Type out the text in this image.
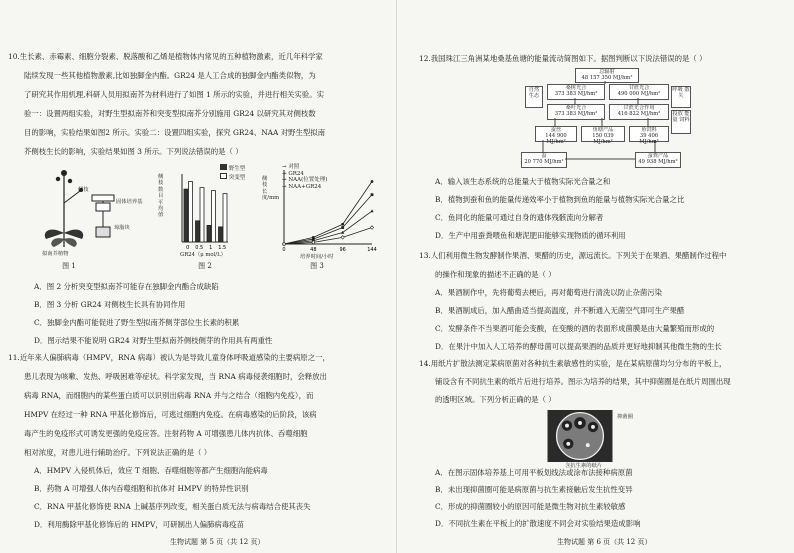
10.生长素、赤霉素、细胞分裂素、脱落酸和乙烯是植物体内常见的五种植物激素，近几年科学家
陆续发现一些其他植物激素,比如独脚金内酯。GR24 是人工合成的独脚金内酯类似物，为
了研究其作用机理,科研人员用拟南芥为材料进行了如图 1 所示的实验，并进行相关实验。实
验一：设置两组实验，对野生型拟南芥和突变型拟南芥分别施用 GR24 以研究其对侧枝数
目的影响，实验结果如图2 所示。实验二：设置四组实验，探究 GR24、NAA 对野生型拟南
芥侧枝生长的影响，实验结果如图 3 所示。下列说法错误的是（ ）
侧枝
固体培养基
琼脂块
拟南芥植物
图 1
侧枝数目平均值
0 0.5 1 1.5
野生型
突变型
GR24（μ mol/L）
图 2
侧枝长度/mm
0	48	96	144
→ 对照
→ GR24
→ NAA(位置处理)
→ NAA+GR24
培养时间/小时
图 3
A．图 2 分析突变型拟南芥可能存在独脚金内酯合成缺陷
B．图 3 分析 GR24 对侧枝生长具有协同作用
C．独脚金内酯可能促进了野生型拟南芥侧芽部位生长素的积累
D．图示结果不能说明 GR24 对野生型拟南芥侧枝侧芽的作用具有两重性
11.近年来人偏肺病毒（HMPV，RNA 病毒）被认为是导致儿童身体呼吸道感染的主要病原之一，
患儿表现为咳嗽、发热、呼吸困难等症状。科学家发现，当 RNA 病毒侵袭细胞时，会释放出
病毒 RNA，而细胞内的某些蛋白质可以识别出病毒 RNA 并与之结合（细胞内免疫），而
HMPV 在经过一种 RNA 甲基化修饰后，可逃过细胞内免疫。在病毒感染的后阶段，该病
毒产生的免疫形式可诱发更强的免疫应答。注射药物 A 可增强患儿体内抗体、吞噬细胞
相对浓度，对患儿进行辅助治疗。下列说法正确的是（ ）
A．HMPV 入侵机体后，效应 T 细胞、吞噬细胞等都产生细胞沟能病毒
B．药物 A 可增强人体内吞噬细胞和抗体对 HMPV 的特异性识别
C．RNA 甲基化修饰使 RNA 上碱基序列改变，相关蛋白质无法与病毒结合使其丧失
D．利用酶除甲基化修饰后的 HMPV，可研制出人偏肺病毒疫苗
生物试题 第 5 页（共 12 页）
12.我国珠江三角洲某地桑基鱼塘的能量流动简图如下。据图判断以下说法错误的是（ ）
总辐射
48 157 350 MJ/hm²
自然 生态
呼吸 散失
桑树光合
373 383 MJ/hm²
甘蔗光合
490 000 MJ/hm²
桑叶光合
373 383 MJ/hm²
甘蔗光合作用
416 822 MJ/hm²	投放 能量 饲料
蚕丝
144 900 MJ/hm²
鱼塘产品
150 039 MJ/hm²
鱼饲料
39 406 MJ/hm²
蚕
20 770 MJ/hm²
蚕粪产品
49 938 MJ/hm²
A．输入该生态系统的总能量大于植物实际光合量之和
B．植物到蚕和鱼的能量传递效率小于植物到鱼的能量与植物实际光合量之比
C．鱼同化的能量可通过自身的遗体残骸流向分解者
D．生产中用蚕粪喂鱼和塘泥肥田能够实现物质的循环利用
13.人们利用微生物发酵制作果酒、果醋的历史，源远流长。下列关于在果酒、果醋制作过程中
的操作和现象的描述不正确的是（ ）
A．果酒制作中，先将葡萄去梗后，再对葡萄进行清洗以防止杂菌污染
B．果酒制成后，加入醋曲适当提高温度，并不断通入无菌空气即可生产果醋
C．发酵条件不当果酒可能会变酸，在变酸的酒的表面形成菌膜是由大量繁殖而形成的
D．在果汁中加入人工培养的酵母菌可以提高果酒的品质并更好地抑制其他微生物的生长
14.用纸片扩散法测定某病原菌对各种抗生素敏感性的实验，是在某病原菌均匀分布的平板上，
铺设含有不同抗生素的纸片后进行培养。图示为培养的结果，其中抑菌圈是在纸片周围出现
的透明区域。下列分析正确的是（ ）
抑菌圈
含抗生素的纸片
A．在图示固体培养基上可用平板划线法或涂布法接种病原菌
B．未出现抑菌圈可能是病原菌与抗生素接触后发生抗性变异
C．形成的抑菌圈较小的原因可能是微生物对抗生素较敏感
D．不同抗生素在平板上的扩散速度不同会对实验结果造成影响
生物试题 第 6 页（共 12 页）
